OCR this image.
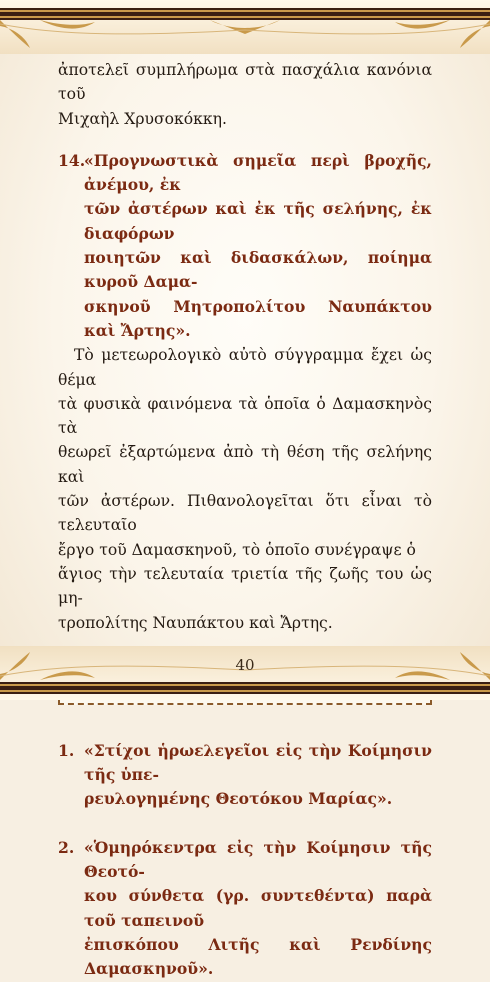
ἀποτελεῖ συμπλήρωμα στὰ πασχάλια κανόνια τοῦ
Μιχαὴλ Χρυσοκόκκη.

14.
«Προγνωστικὰ σημεῖα περὶ βροχῆς, ἀνέμου, ἐκ
τῶν ἀστέρων καὶ ἐκ τῆς σελήνης, ἐκ διαφόρων
ποιητῶν καὶ διδασκάλων, ποίημα κυροῦ Δαμα-
σκηνοῦ Μητροπολίτου Ναυπάκτου καὶ Ἄρτης».

Τὸ μετεωρολογικὸ αὐτὸ σύγγραμμα ἔχει ὡς θέμα
τὰ φυσικὰ φαινόμενα τὰ ὁποῖα ὁ Δαμασκηνὸς τὰ
θεωρεῖ ἐξαρτώμενα ἀπὸ τὴ θέση τῆς σελήνης καὶ
τῶν ἀστέρων. Πιθανολογεῖται ὅτι εἶναι τὸ τελευταῖο
ἔργο τοῦ Δαμασκηνοῦ, τὸ ὁποῖο συνέγραψε ὁ
ἅγιος τὴν τελευταία τριετία τῆς ζωῆς του ὡς μη-
τροπολίτης Ναυπάκτου καὶ Ἄρτης.

1. «Στίχοι ἡρωελεγεῖοι εἰς τὴν Κοίμησιν τῆς ὑπε-
ρευλογημένης Θεοτόκου Μαρίας».
2. «Ὁμηρόκεντρα εἰς τὴν Κοίμησιν τῆς Θεοτό-
κου σύνθετα (γρ. συντεθέντα) παρὰ τοῦ ταπεινοῦ
ἐπισκόπου Λιτῆς καὶ Ρενδίνης Δαμασκηνοῦ».
40
